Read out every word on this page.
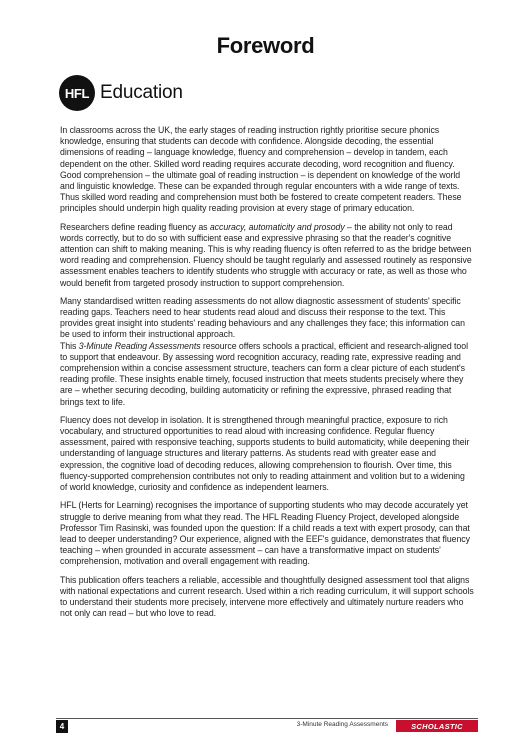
Foreword
HFL Education

In classrooms across the UK, the early stages of reading instruction rightly prioritise secure phonics knowledge, ensuring that students can decode with confidence. Alongside decoding, the essential dimensions of reading – language knowledge, fluency and comprehension – develop in tandem, each dependent on the other. Skilled word reading requires accurate decoding, word recognition and fluency. Good comprehension – the ultimate goal of reading instruction – is dependent on knowledge of the world and linguistic knowledge. These can be expanded through regular encounters with a wide range of texts. Thus skilled word reading and comprehension must both be fostered to create competent readers. These principles should underpin high quality reading provision at every stage of primary education.

Researchers define reading fluency as accuracy, automaticity and prosody – the ability not only to read words correctly, but to do so with sufficient ease and expressive phrasing so that the reader's cognitive attention can shift to making meaning. This is why reading fluency is often referred to as the bridge between word reading and comprehension. Fluency should be taught regularly and assessed routinely as responsive assessment enables teachers to identify students who struggle with accuracy or rate, as well as those who would benefit from targeted prosody instruction to support comprehension.

Many standardised written reading assessments do not allow diagnostic assessment of students' specific reading gaps. Teachers need to hear students read aloud and discuss their response to the text. This provides great insight into students' reading behaviours and any challenges they face; this information can be used to inform their instructional approach.

This 3-Minute Reading Assessments resource offers schools a practical, efficient and research-aligned tool to support that endeavour. By assessing word recognition accuracy, reading rate, expressive reading and comprehension within a concise assessment structure, teachers can form a clear picture of each student's reading profile. These insights enable timely, focused instruction that meets students precisely where they are – whether securing decoding, building automaticity or refining the expressive, phrased reading that brings text to life.

Fluency does not develop in isolation. It is strengthened through meaningful practice, exposure to rich vocabulary, and structured opportunities to read aloud with increasing confidence. Regular fluency assessment, paired with responsive teaching, supports students to build automaticity, while deepening their understanding of language structures and literary patterns. As students read with greater ease and expression, the cognitive load of decoding reduces, allowing comprehension to flourish. Over time, this fluency-supported comprehension contributes not only to reading attainment and volition but to a widening of world knowledge, curiosity and confidence as independent learners.

HFL (Herts for Learning) recognises the importance of supporting students who may decode accurately yet struggle to derive meaning from what they read. The HFL Reading Fluency Project, developed alongside Professor Tim Rasinski, was founded upon the question: If a child reads a text with expert prosody, can that lead to deeper understanding? Our experience, aligned with the EEF's guidance, demonstrates that fluency teaching – when grounded in accurate assessment – can have a transformative impact on students' comprehension, motivation and overall engagement with reading.

This publication offers teachers a reliable, accessible and thoughtfully designed assessment tool that aligns with national expectations and current research. Used within a rich reading curriculum, it will support schools to understand their students more precisely, intervene more effectively and ultimately nurture readers who not only can read – but who love to read.

4	3-Minute Reading Assessments	SCHOLASTIC
